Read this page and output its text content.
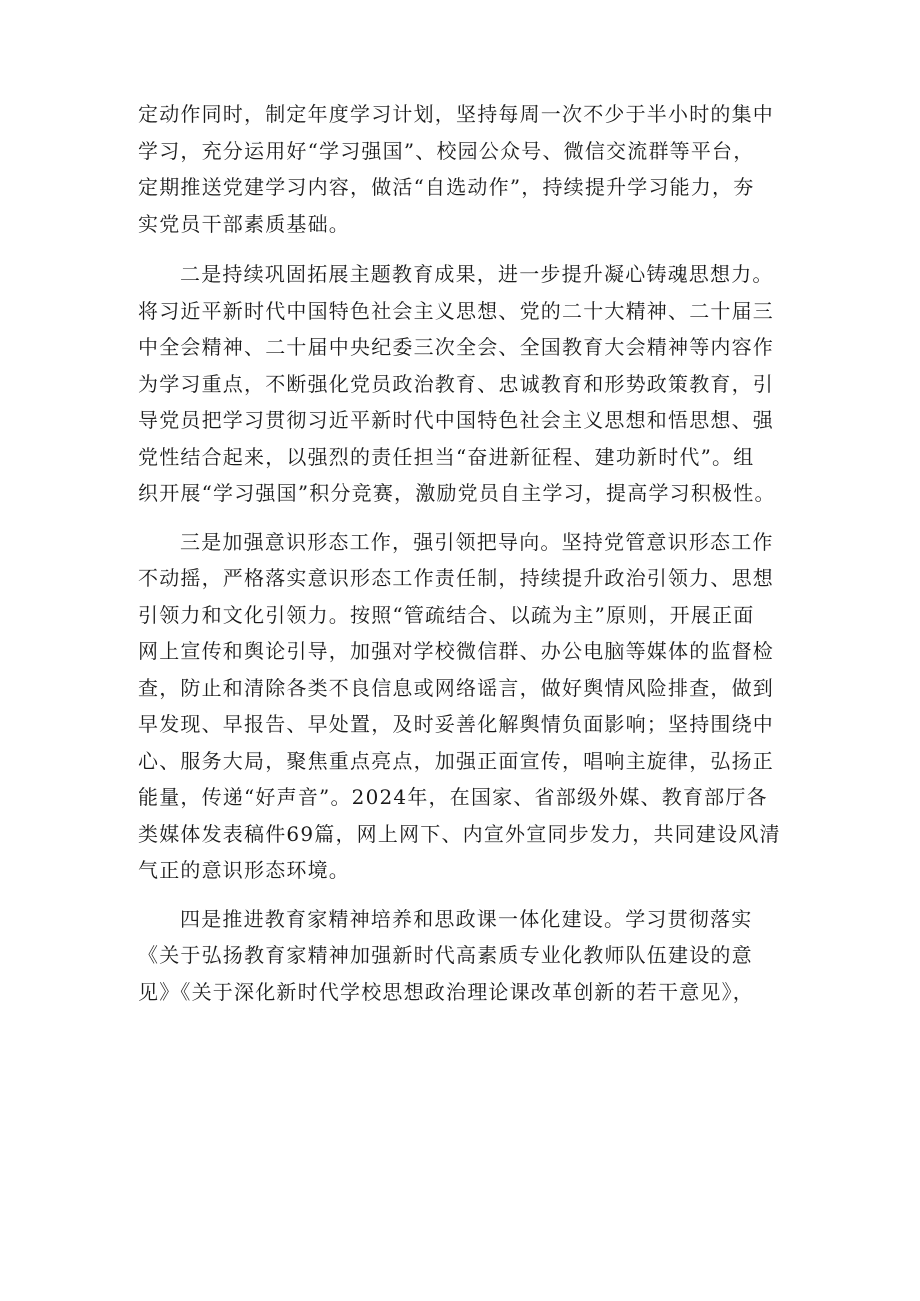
定动作同时，制定年度学习计划，坚持每周一次不少于半小时的集中
学习，充分运用好“学习强国”、校园公众号、微信交流群等平台，
定期推送党建学习内容，做活“自选动作”，持续提升学习能力，夯
实党员干部素质基础。
二是持续巩固拓展主题教育成果，进一步提升凝心铸魂思想力。
将习近平新时代中国特色社会主义思想、党的二十大精神、二十届三
中全会精神、二十届中央纪委三次全会、全国教育大会精神等内容作
为学习重点，不断强化党员政治教育、忠诚教育和形势政策教育，引
导党员把学习贯彻习近平新时代中国特色社会主义思想和悟思想、强
党性结合起来，以强烈的责任担当“奋进新征程、建功新时代”。组
织开展“学习强国”积分竞赛，激励党员自主学习，提高学习积极性。
三是加强意识形态工作，强引领把导向。坚持党管意识形态工作
不动摇，严格落实意识形态工作责任制，持续提升政治引领力、思想
引领力和文化引领力。按照“管疏结合、以疏为主”原则，开展正面
网上宣传和舆论引导，加强对学校微信群、办公电脑等媒体的监督检
查，防止和清除各类不良信息或网络谣言，做好舆情风险排查，做到
早发现、早报告、早处置，及时妥善化解舆情负面影响；坚持围绕中
心、服务大局，聚焦重点亮点，加强正面宣传，唱响主旋律，弘扬正
能量，传递“好声音”。2024年，在国家、省部级外媒、教育部厅各
类媒体发表稿件69篇，网上网下、内宣外宣同步发力，共同建设风清
气正的意识形态环境。
四是推进教育家精神培养和思政课一体化建设。学习贯彻落实
《关于弘扬教育家精神加强新时代高素质专业化教师队伍建设的意
见》《关于深化新时代学校思想政治理论课改革创新的若干意见》，
